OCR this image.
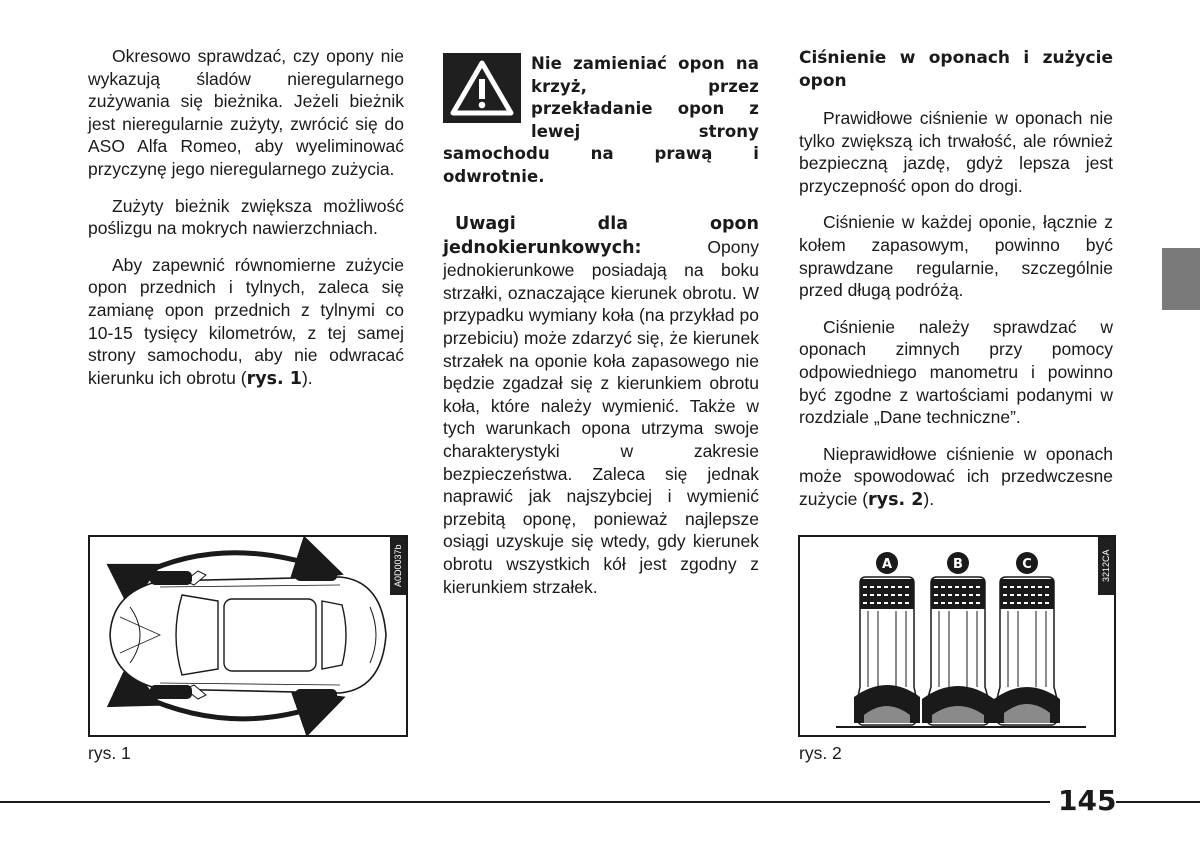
Okresowo sprawdzać, czy opony nie wykazują śladów nieregularnego zużywania się bieżnika. Jeżeli bieżnik jest nieregularnie zużyty, zwrócić się do ASO Alfa Romeo, aby wyeliminować przyczynę jego nieregularnego zużycia.

Zużyty bieżnik zwiększa możliwość poślizgu na mokrych nawierzchniach.

Aby zapewnić równomierne zużycie opon przednich i tylnych, zaleca się zamianę opon przednich z tylnymi co 10-15 tysięcy kilometrów, z tej samej strony samochodu, aby nie odwracać kierunku ich obrotu (rys. 1).

Nie zamieniać opon na krzyż, przez przekładanie opon z lewej strony samochodu na prawą i odwrotnie.

Uwagi dla opon jednokierunkowych: Opony jednokierunkowe posiadają na boku strzałki, oznaczające kierunek obrotu. W przypadku wymiany koła (na przykład po przebiciu) może zdarzyć się, że kierunek strzałek na oponie koła zapasowego nie będzie zgadzał się z kierunkiem obrotu koła, które należy wymienić. Także w tych warunkach opona utrzyma swoje charakterystyki w zakresie bezpieczeństwa. Zaleca się jednak naprawić jak najszybciej i wymienić przebitą oponę, ponieważ najlepsze osiągi uzyskuje się wtedy, gdy kierunek obrotu wszystkich kół jest zgodny z kierunkiem strzałek.

Ciśnienie w oponach i zużycie opon

Prawidłowe ciśnienie w oponach nie tylko zwiększą ich trwałość, ale również bezpieczną jazdę, gdyż lepsza jest przyczepność opon do drogi.

Ciśnienie w każdej oponie, łącznie z kołem zapasowym, powinno być sprawdzane regularnie, szczególnie przed długą podróżą.

Ciśnienie należy sprawdzać w oponach zimnych przy pomocy odpowiedniego manometru i powinno być zgodne z wartościami podanymi w rozdziale „Dane techniczne”.

Nieprawidłowe ciśnienie w oponach może spowodować ich przedwczesne zużycie (rys. 2).

A0D0037b
rys. 1
3212CA
A	B	C
rys. 2
145
